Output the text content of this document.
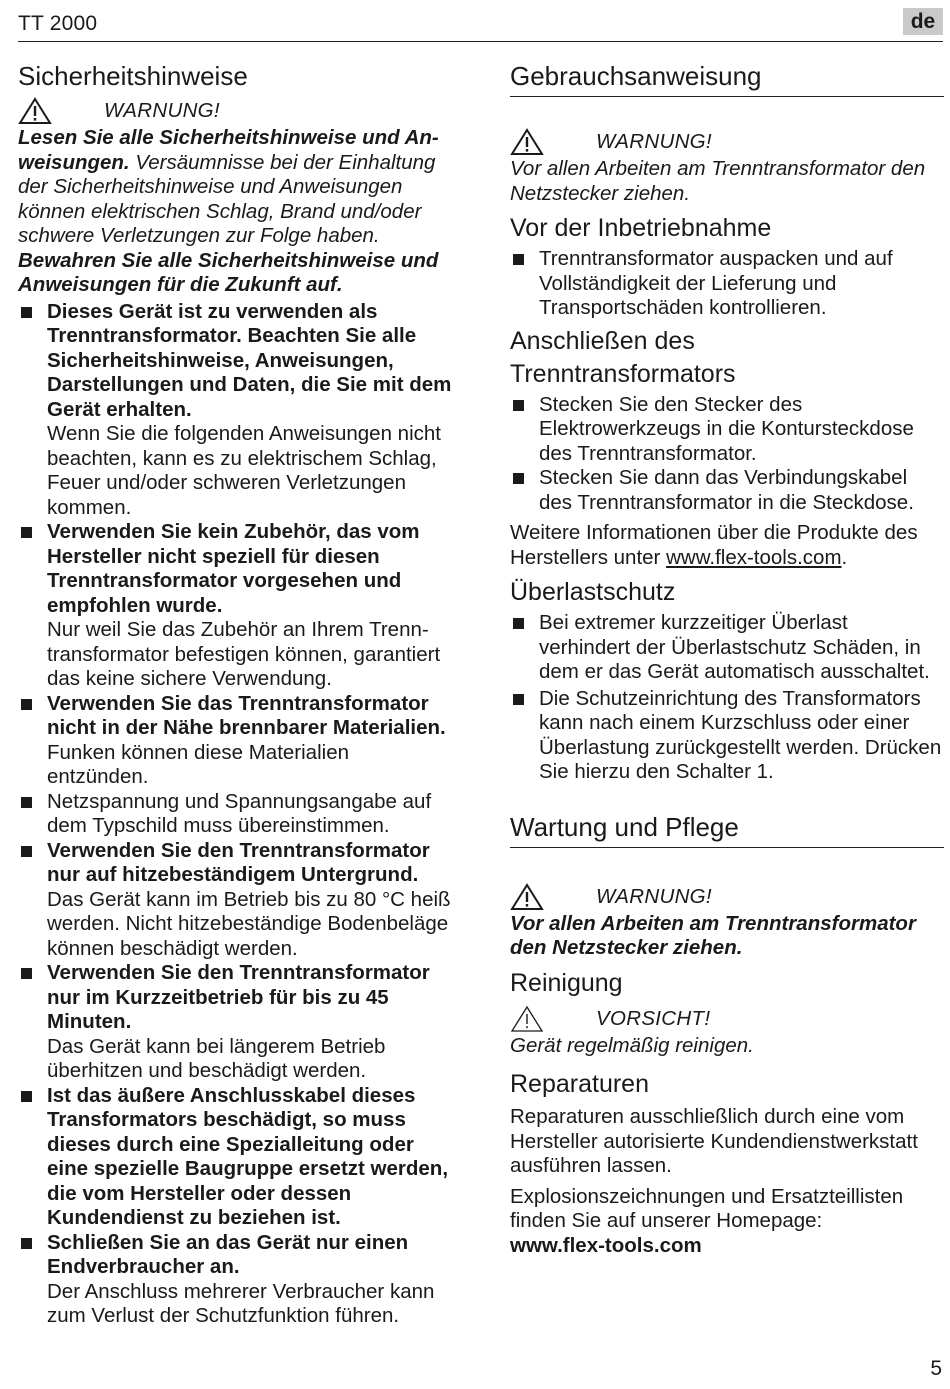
TT 2000	de
Sicherheitshinweise
WARNUNG!

Lesen Sie alle Sicherheitshinweise und An-weisungen. Versäumnisse bei der Einhaltung der Sicherheitshinweise und Anweisungen können elektrischen Schlag, Brand und/oder schwere Verletzungen zur Folge haben.

Bewahren Sie alle Sicherheitshinweise und Anweisungen für die Zukunft auf.

Dieses Gerät ist zu verwenden als Trenntransformator. Beachten Sie alle Sicherheitshinweise, Anweisungen, Darstellungen und Daten, die Sie mit dem Gerät erhalten.
Wenn Sie die folgenden Anweisungen nicht beachten, kann es zu elektrischem Schlag, Feuer und/oder schweren Verletzungen kommen.
Verwenden Sie kein Zubehör, das vom Hersteller nicht speziell für diesen Trenntransformator vorgesehen und empfohlen wurde.
Nur weil Sie das Zubehör an Ihrem Trenn-transformator befestigen können, garantiert das keine sichere Verwendung.
Verwenden Sie das Trenntransformator nicht in der Nähe brennbarer Materialien.
Funken können diese Materialien entzünden.
Netzspannung und Spannungsangabe auf dem Typschild muss übereinstimmen.
Verwenden Sie den Trenntransformator nur auf hitzebeständigem Untergrund.
Das Gerät kann im Betrieb bis zu 80 °C heiß werden. Nicht hitzebeständige Bodenbeläge können beschädigt werden.
Verwenden Sie den Trenntransformator nur im Kurzzeitbetrieb für bis zu 45 Minuten.
Das Gerät kann bei längerem Betrieb überhitzen und beschädigt werden.
Ist das äußere Anschlusskabel dieses Transformators beschädigt, so muss dieses durch eine Spezialleitung oder eine spezielle Baugruppe ersetzt werden, die vom Hersteller oder dessen Kundendienst zu beziehen ist.
Schließen Sie an das Gerät nur einen Endverbraucher an.
Der Anschluss mehrerer Verbraucher kann zum Verlust der Schutzfunktion führen.
Gebrauchsanweisung
WARNUNG!

Vor allen Arbeiten am Trenntransformator den Netzstecker ziehen.

Vor der Inbetriebnahme
Trenntransformator auspacken und auf Vollständigkeit der Lieferung und Transportschäden kontrollieren.
Anschließen des
Trenntransformators
Stecken Sie den Stecker des Elektrowerkzeugs in die Kontursteckdose des Trenntransformator.
Stecken Sie dann das Verbindungskabel des Trenntransformator in die Steckdose.

Weitere Informationen über die Produkte des Herstellers unter www.flex-tools.com.

Überlastschutz
Bei extremer kurzzeitiger Überlast verhindert der Überlastschutz Schäden, in dem er das Gerät automatisch ausschaltet.
Die Schutzeinrichtung des Transformators kann nach einem Kurzschluss oder einer Überlastung zurückgestellt werden. Drücken Sie hierzu den Schalter 1.
Wartung und Pflege
WARNUNG!

Vor allen Arbeiten am Trenntransformator den Netzstecker ziehen.

Reinigung
VORSICHT!

Gerät regelmäßig reinigen.

Reparaturen

Reparaturen ausschließlich durch eine vom Hersteller autorisierte Kundendienstwerkstatt ausführen lassen.

Explosionszeichnungen und Ersatzteillisten finden Sie auf unserer Homepage:

www.flex-tools.com

5
